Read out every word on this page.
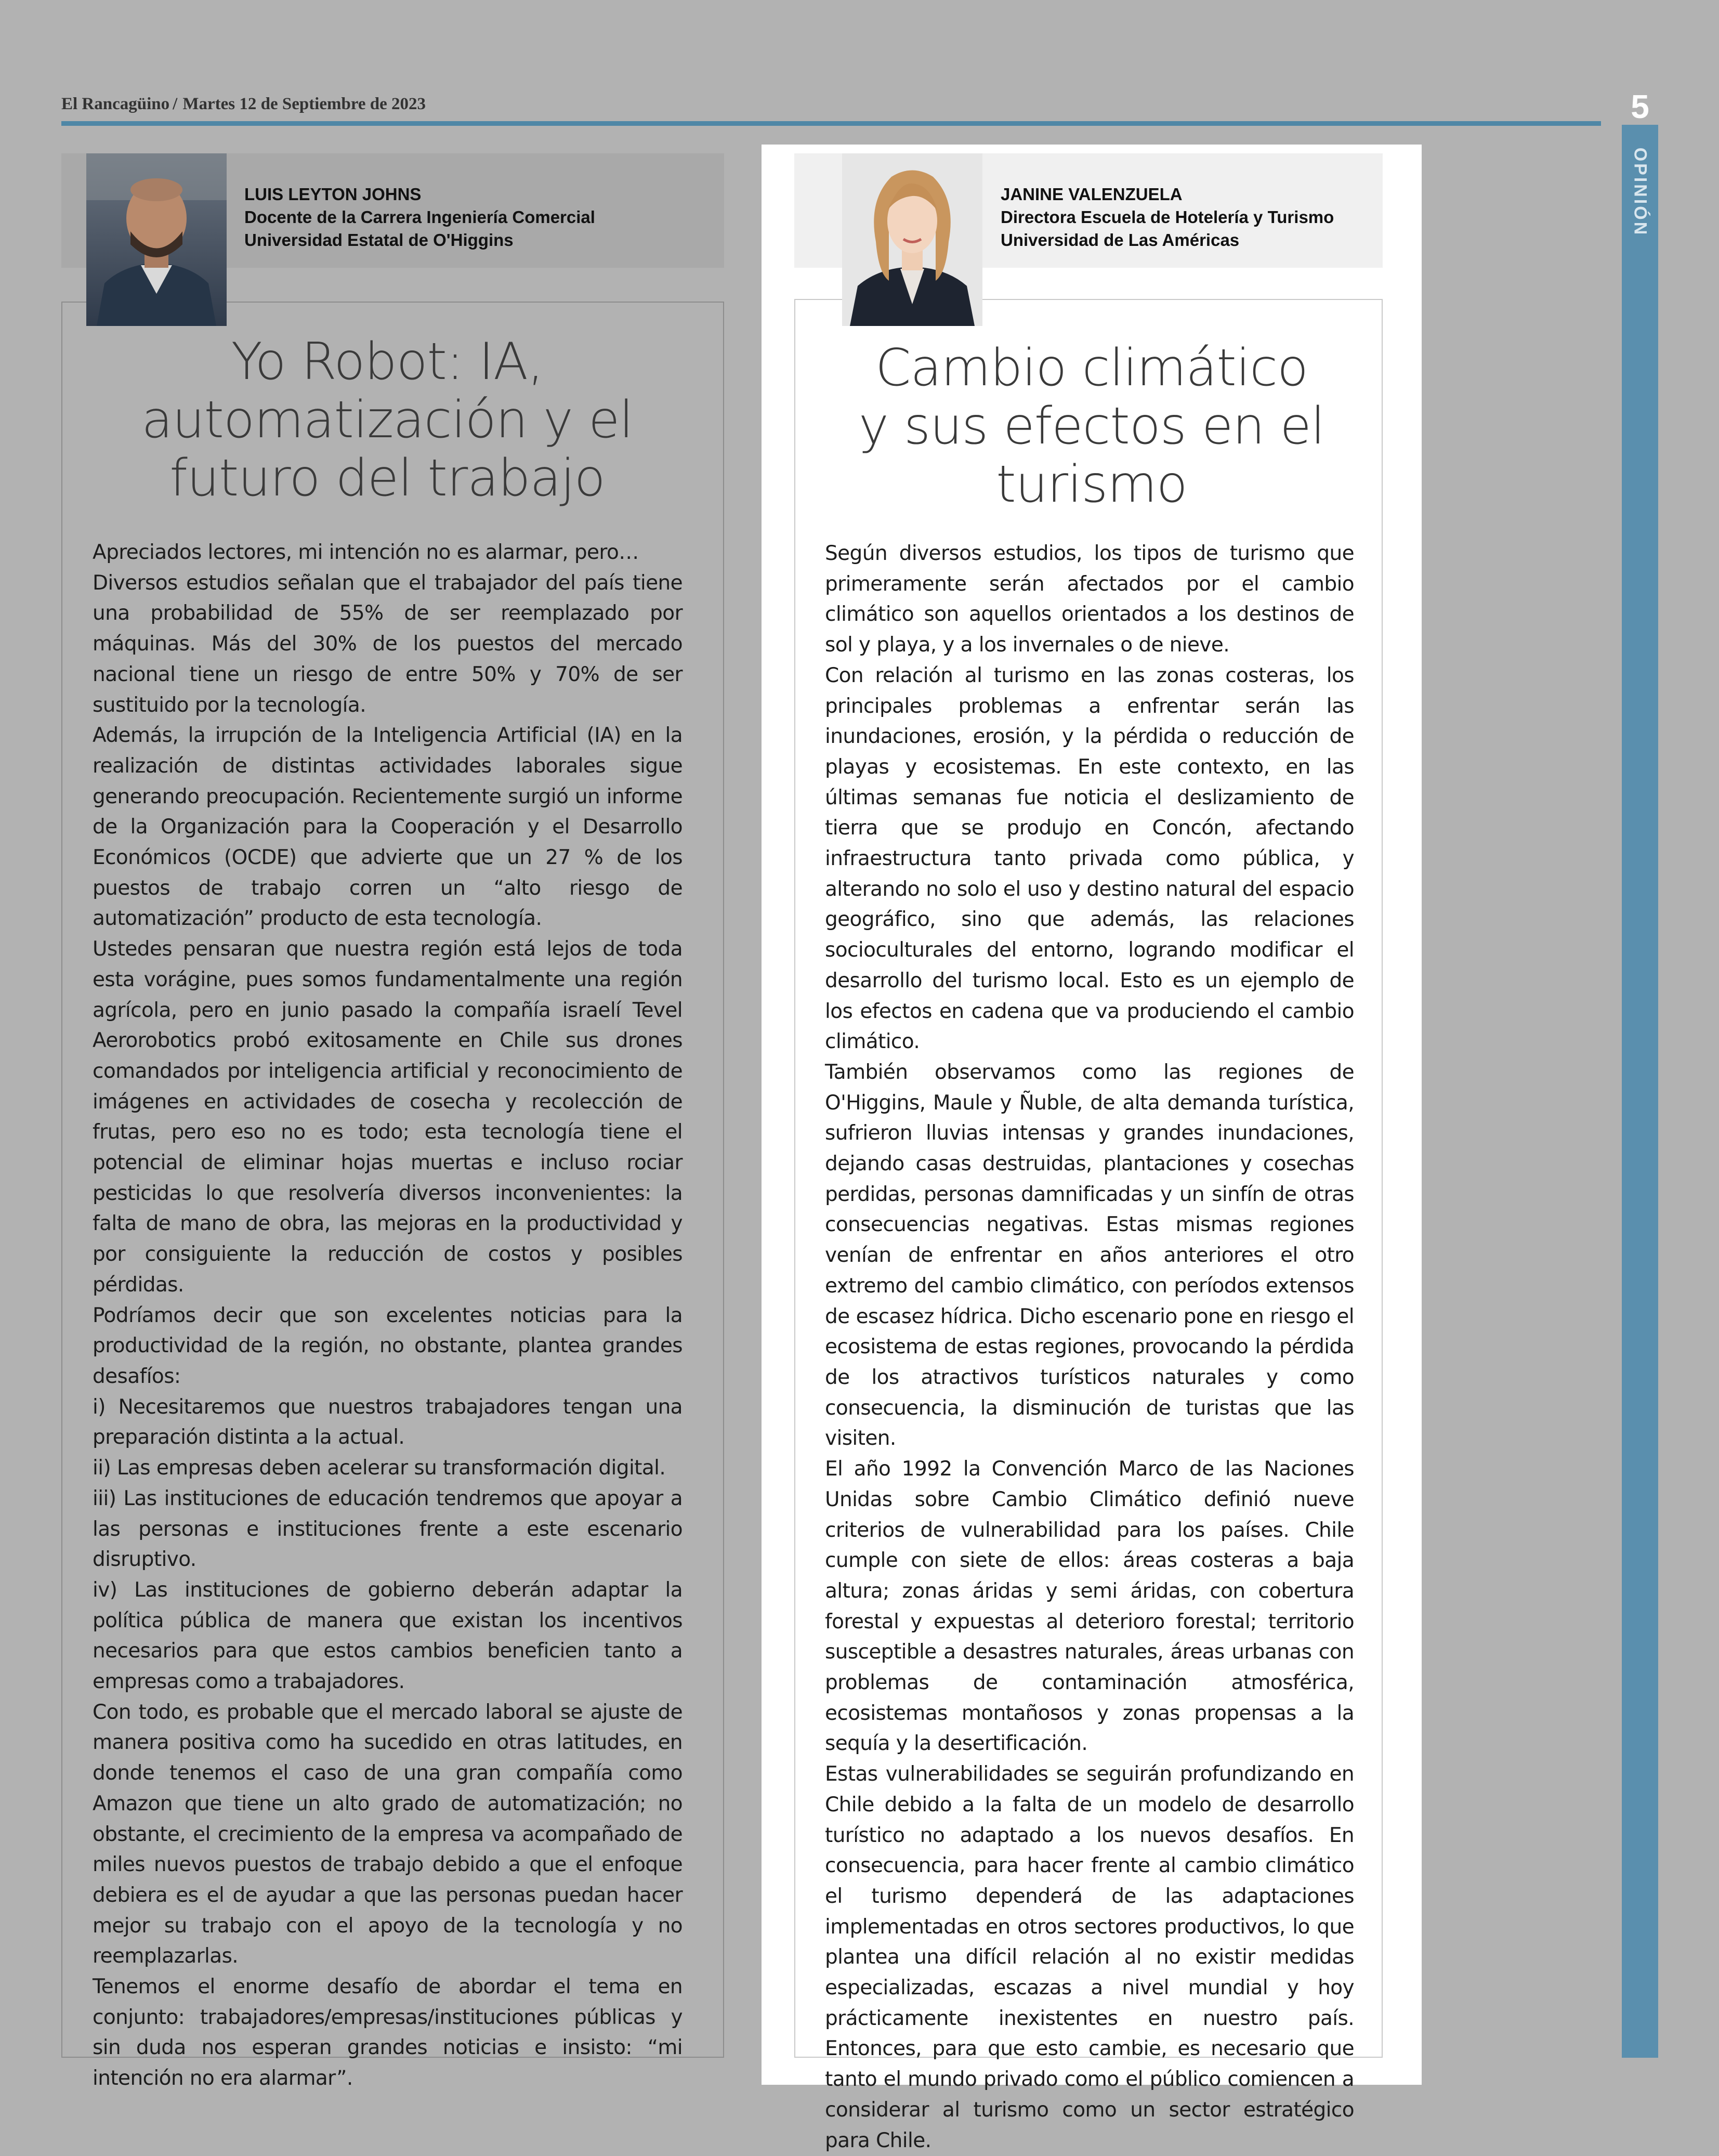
El Rancagüino / Martes 12 de Septiembre de 2023	5
OPINIÓN
LUIS LEYTON JOHNS
Docente de la Carrera Ingeniería Comercial
Universidad Estatal de O'Higgins
Yo Robot: IA,
automatización y el
futuro del trabajo

Apreciados lectores, mi intención no es alarmar, pero…

Diversos estudios señalan que el trabajador del país tiene una probabilidad de 55% de ser reemplazado por máquinas. Más del 30% de los puestos del mercado nacional tiene un riesgo de entre 50% y 70% de ser sustituido por la tecnología.

Además, la irrupción de la Inteligencia Artificial (IA) en la realización de distintas actividades laborales sigue generando preocupación. Recientemente surgió un informe de la Organización para la Cooperación y el Desarrollo Económicos (OCDE) que advierte que un 27 % de los puestos de trabajo corren un “alto riesgo de automatización” producto de esta tecnología.

Ustedes pensaran que nuestra región está lejos de toda esta vorágine, pues somos fundamentalmente una región agrícola, pero en junio pasado la compañía israelí Tevel Aerorobotics probó exitosamente en Chile sus drones comandados por inteligencia artificial y reconocimiento de imágenes en actividades de cosecha y recolección de frutas, pero eso no es todo; esta tecnología tiene el potencial de eliminar hojas muertas e incluso rociar pesticidas lo que resolvería diversos inconvenientes: la falta de mano de obra, las mejoras en la productividad y por consiguiente la reducción de costos y posibles pérdidas.

Podríamos decir que son excelentes noticias para la productividad de la región, no obstante, plantea grandes desafíos:

i) Necesitaremos que nuestros trabajadores tengan una preparación distinta a la actual.

ii) Las empresas deben acelerar su transformación digital.

iii) Las instituciones de educación tendremos que apoyar a las personas e instituciones frente a este escenario disruptivo.

iv) Las instituciones de gobierno deberán adaptar la política pública de manera que existan los incentivos necesarios para que estos cambios beneficien tanto a empresas como a trabajadores.

Con todo, es probable que el mercado laboral se ajuste de manera positiva como ha sucedido en otras latitudes, en donde tenemos el caso de una gran compañía como Amazon que tiene un alto grado de automatización; no obstante, el crecimiento de la empresa va acompañado de miles nuevos puestos de trabajo debido a que el enfoque debiera es el de ayudar a que las personas puedan hacer mejor su trabajo con el apoyo de la tecnología y no reemplazarlas.

Tenemos el enorme desafío de abordar el tema en conjunto: trabajadores/empresas/instituciones públicas y sin duda nos esperan grandes noticias e insisto: “mi intención no era alarmar”.

JANINE VALENZUELA
Directora Escuela de Hotelería y Turismo
Universidad de Las Américas
Cambio climático
y sus efectos en el
turismo

Según diversos estudios, los tipos de turismo que primeramente serán afectados por el cambio climático son aquellos orientados a los destinos de sol y playa, y a los invernales o de nieve.

Con relación al turismo en las zonas costeras, los principales problemas a enfrentar serán las inundaciones, erosión, y la pérdida o reducción de playas y ecosistemas. En este contexto, en las últimas semanas fue noticia el deslizamiento de tierra que se produjo en Concón, afectando infraestructura tanto privada como pública, y alterando no solo el uso y destino natural del espacio geográfico, sino que además, las relaciones socioculturales del entorno, logrando modificar el desarrollo del turismo local. Esto es un ejemplo de los efectos en cadena que va produciendo el cambio climático.

También observamos como las regiones de O'Higgins, Maule y Ñuble, de alta demanda turística, sufrieron lluvias intensas y grandes inundaciones, dejando casas destruidas, plantaciones y cosechas perdidas, personas damnificadas y un sinfín de otras consecuencias negativas. Estas mismas regiones venían de enfrentar en años anteriores el otro extremo del cambio climático, con períodos extensos de escasez hídrica. Dicho escenario pone en riesgo el ecosistema de estas regiones, provocando la pérdida de los atractivos turísticos naturales y como consecuencia, la disminución de turistas que las visiten.

El año 1992 la Convención Marco de las Naciones Unidas sobre Cambio Climático definió nueve criterios de vulnerabilidad para los países. Chile cumple con siete de ellos: áreas costeras a baja altura; zonas áridas y semi áridas, con cobertura forestal y expuestas al deterioro forestal; territorio susceptible a desastres naturales, áreas urbanas con problemas de contaminación atmosférica, ecosistemas montañosos y zonas propensas a la sequía y la desertificación.

Estas vulnerabilidades se seguirán profundizando en Chile debido a la falta de un modelo de desarrollo turístico no adaptado a los nuevos desafíos. En consecuencia, para hacer frente al cambio climático el turismo dependerá de las adaptaciones implementadas en otros sectores productivos, lo que plantea una difícil relación al no existir medidas especializadas, escazas a nivel mundial y hoy prácticamente inexistentes en nuestro país. Entonces, para que esto cambie, es necesario que tanto el mundo privado como el público comiencen a considerar al turismo como un sector estratégico para Chile.
